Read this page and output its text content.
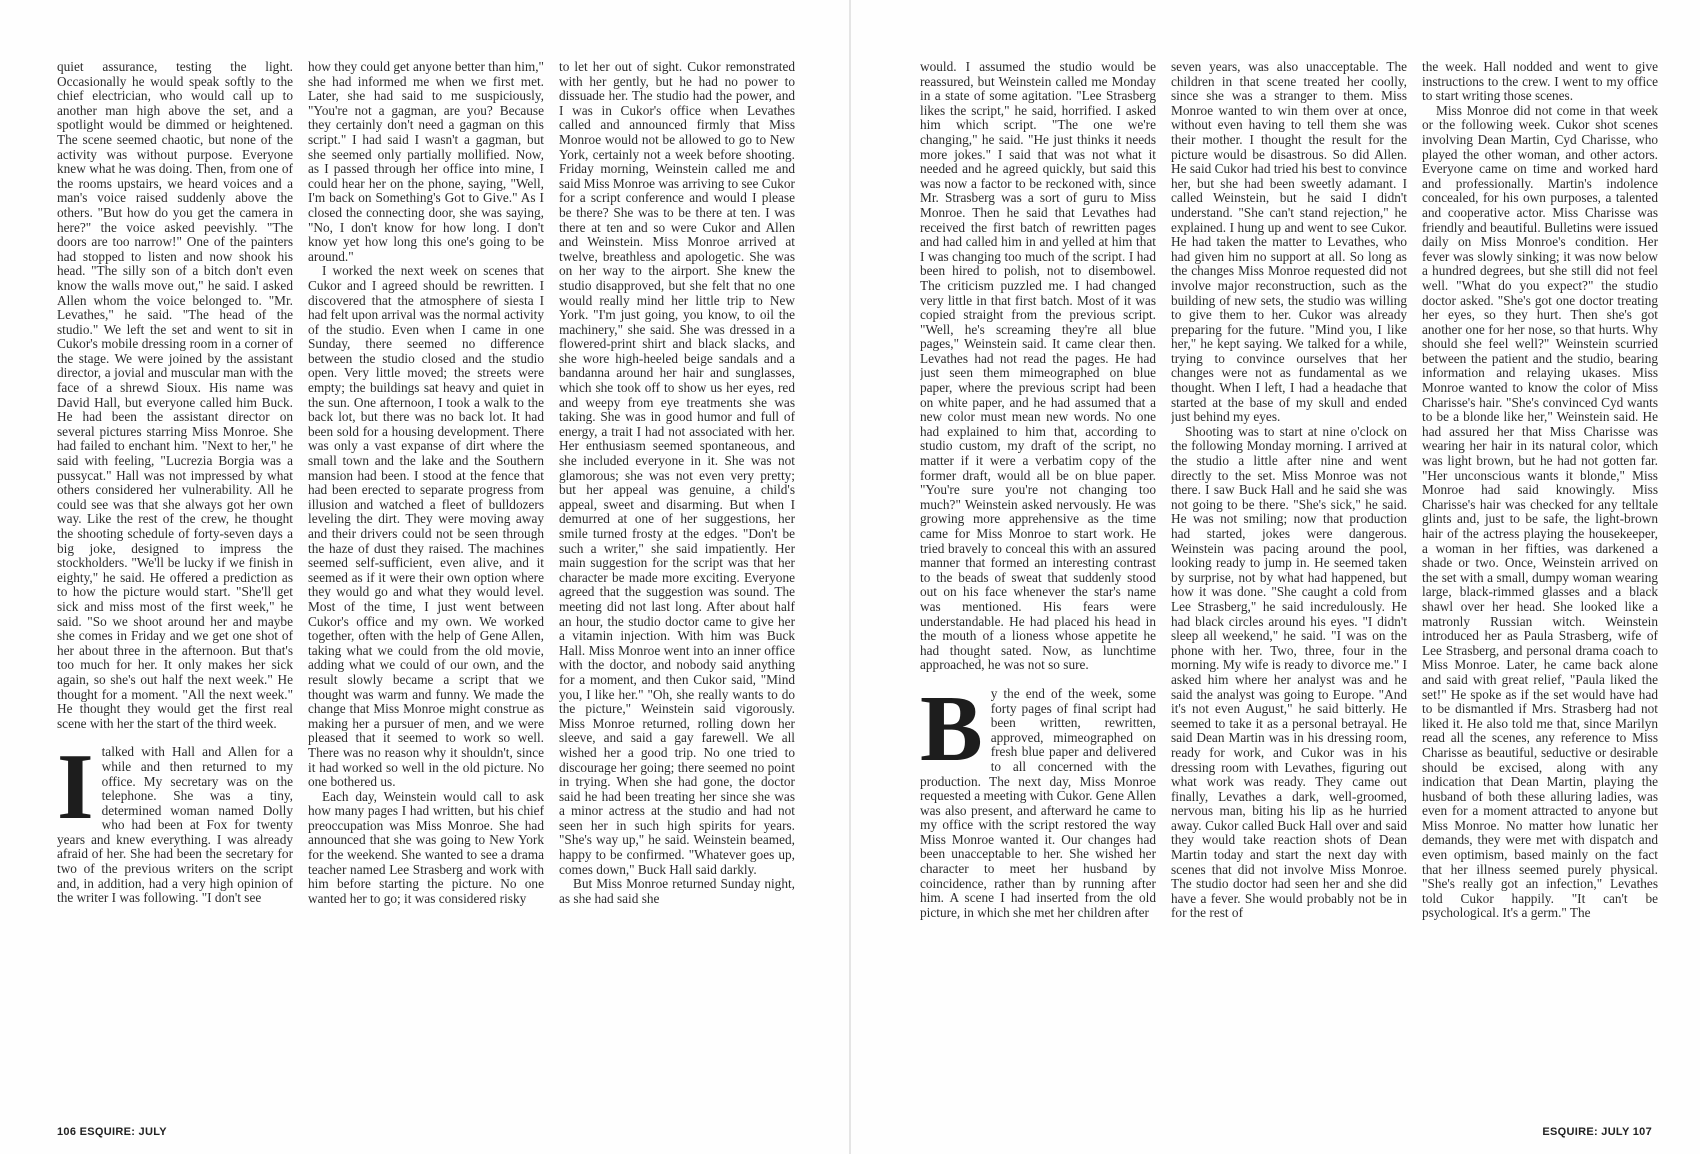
quiet assurance, testing the light. Occasionally he would speak softly to the chief electrician, who would call up to another man high above the set, and a spotlight would be dimmed or heightened. The scene seemed chaotic, but none of the activity was without purpose. Everyone knew what he was doing. Then, from one of the rooms upstairs, we heard voices and a man's voice raised suddenly above the others. "But how do you get the camera in here?" the voice asked peevishly. "The doors are too narrow!" One of the painters had stopped to listen and now shook his head. "The silly son of a bitch don't even know the walls move out," he said. I asked Allen whom the voice belonged to. "Mr. Levathes," he said. "The head of the studio." We left the set and went to sit in Cukor's mobile dressing room in a corner of the stage. We were joined by the assistant director, a jovial and muscular man with the face of a shrewd Sioux. His name was David Hall, but everyone called him Buck. He had been the assistant director on several pictures starring Miss Monroe. She had failed to enchant him. "Next to her," he said with feeling, "Lucrezia Borgia was a pussycat." Hall was not impressed by what others considered her vulnerability. All he could see was that she always got her own way. Like the rest of the crew, he thought the shooting schedule of forty-seven days a big joke, designed to impress the stockholders. "We'll be lucky if we finish in eighty," he said. He offered a prediction as to how the picture would start. "She'll get sick and miss most of the first week," he said. "So we shoot around her and maybe she comes in Friday and we get one shot of her about three in the afternoon. But that's too much for her. It only makes her sick again, so she's out half the next week." He thought for a moment. "All the next week." He thought they would get the first real scene with her the start of the third week.

Italked with Hall and Allen for a while and then returned to my office. My secretary was on the telephone. She was a tiny, determined woman named Dolly who had been at Fox for twenty years and knew everything. I was already afraid of her. She had been the secretary for two of the previous writers on the script and, in addition, had a very high opinion of the writer I was following. "I don't see

how they could get anyone better than him," she had informed me when we first met. Later, she had said to me suspiciously, "You're not a gagman, are you? Because they certainly don't need a gagman on this script." I had said I wasn't a gagman, but she seemed only partially mollified. Now, as I passed through her office into mine, I could hear her on the phone, saying, "Well, I'm back on Something's Got to Give." As I closed the connecting door, she was saying, "No, I don't know for how long. I don't know yet how long this one's going to be around."

I worked the next week on scenes that Cukor and I agreed should be rewritten. I discovered that the atmosphere of siesta I had felt upon arrival was the normal activity of the studio. Even when I came in one Sunday, there seemed no difference between the studio closed and the studio open. Very little moved; the streets were empty; the buildings sat heavy and quiet in the sun. One afternoon, I took a walk to the back lot, but there was no back lot. It had been sold for a housing development. There was only a vast expanse of dirt where the small town and the lake and the Southern mansion had been. I stood at the fence that had been erected to separate progress from illusion and watched a fleet of bulldozers leveling the dirt. They were moving away and their drivers could not be seen through the haze of dust they raised. The machines seemed self-sufficient, even alive, and it seemed as if it were their own option where they would go and what they would level. Most of the time, I just went between Cukor's office and my own. We worked together, often with the help of Gene Allen, taking what we could from the old movie, adding what we could of our own, and the result slowly became a script that we thought was warm and funny. We made the change that Miss Monroe might construe as making her a pursuer of men, and we were pleased that it seemed to work so well. There was no reason why it shouldn't, since it had worked so well in the old picture. No one bothered us.

Each day, Weinstein would call to ask how many pages I had written, but his chief preoccupation was Miss Monroe. She had announced that she was going to New York for the weekend. She wanted to see a drama teacher named Lee Strasberg and work with him before starting the picture. No one wanted her to go; it was considered risky

to let her out of sight. Cukor remonstrated with her gently, but he had no power to dissuade her. The studio had the power, and I was in Cukor's office when Levathes called and announced firmly that Miss Monroe would not be allowed to go to New York, certainly not a week before shooting. Friday morning, Weinstein called me and said Miss Monroe was arriving to see Cukor for a script conference and would I please be there? She was to be there at ten. I was there at ten and so were Cukor and Allen and Weinstein. Miss Monroe arrived at twelve, breathless and apologetic. She was on her way to the airport. She knew the studio disapproved, but she felt that no one would really mind her little trip to New York. "I'm just going, you know, to oil the machinery," she said. She was dressed in a flowered-print shirt and black slacks, and she wore high-heeled beige sandals and a bandanna around her hair and sunglasses, which she took off to show us her eyes, red and weepy from eye treatments she was taking. She was in good humor and full of energy, a trait I had not associated with her. Her enthusiasm seemed spontaneous, and she included everyone in it. She was not glamorous; she was not even very pretty; but her appeal was genuine, a child's appeal, sweet and disarming. But when I demurred at one of her suggestions, her smile turned frosty at the edges. "Don't be such a writer," she said impatiently. Her main suggestion for the script was that her character be made more exciting. Everyone agreed that the suggestion was sound. The meeting did not last long. After about half an hour, the studio doctor came to give her a vitamin injection. With him was Buck Hall. Miss Monroe went into an inner office with the doctor, and nobody said anything for a moment, and then Cukor said, "Mind you, I like her." "Oh, she really wants to do the picture," Weinstein said vigorously. Miss Monroe returned, rolling down her sleeve, and said a gay farewell. We all wished her a good trip. No one tried to discourage her going; there seemed no point in trying. When she had gone, the doctor said he had been treating her since she was a minor actress at the studio and had not seen her in such high spirits for years. "She's way up," he said. Weinstein beamed, happy to be confirmed. "Whatever goes up, comes down," Buck Hall said darkly.

But Miss Monroe returned Sunday night, as she had said she

would. I assumed the studio would be reassured, but Weinstein called me Monday in a state of some agitation. "Lee Strasberg likes the script," he said, horrified. I asked him which script. "The one we're changing," he said. "He just thinks it needs more jokes." I said that was not what it needed and he agreed quickly, but said this was now a factor to be reckoned with, since Mr. Strasberg was a sort of guru to Miss Monroe. Then he said that Levathes had received the first batch of rewritten pages and had called him in and yelled at him that I was changing too much of the script. I had been hired to polish, not to disembowel. The criticism puzzled me. I had changed very little in that first batch. Most of it was copied straight from the previous script. "Well, he's screaming they're all blue pages," Weinstein said. It came clear then. Levathes had not read the pages. He had just seen them mimeographed on blue paper, where the previous script had been on white paper, and he had assumed that a new color must mean new words. No one had explained to him that, according to studio custom, my draft of the script, no matter if it were a verbatim copy of the former draft, would all be on blue paper. "You're sure you're not changing too much?" Weinstein asked nervously. He was growing more apprehensive as the time came for Miss Monroe to start work. He tried bravely to conceal this with an assured manner that formed an interesting contrast to the beads of sweat that suddenly stood out on his face whenever the star's name was mentioned. His fears were understandable. He had placed his head in the mouth of a lioness whose appetite he had thought sated. Now, as lunchtime approached, he was not so sure.

By the end of the week, some forty pages of final script had been written, rewritten, approved, mimeographed on fresh blue paper and delivered to all concerned with the production. The next day, Miss Monroe requested a meeting with Cukor. Gene Allen was also present, and afterward he came to my office with the script restored the way Miss Monroe wanted it. Our changes had been unacceptable to her. She wished her character to meet her husband by coincidence, rather than by running after him. A scene I had inserted from the old picture, in which she met her children after

seven years, was also unacceptable. The children in that scene treated her coolly, since she was a stranger to them. Miss Monroe wanted to win them over at once, without even having to tell them she was their mother. I thought the result for the picture would be disastrous. So did Allen. He said Cukor had tried his best to convince her, but she had been sweetly adamant. I called Weinstein, but he said I didn't understand. "She can't stand rejection," he explained. I hung up and went to see Cukor. He had taken the matter to Levathes, who had given him no support at all. So long as the changes Miss Monroe requested did not involve major reconstruction, such as the building of new sets, the studio was willing to give them to her. Cukor was already preparing for the future. "Mind you, I like her," he kept saying. We talked for a while, trying to convince ourselves that her changes were not as fundamental as we thought. When I left, I had a headache that started at the base of my skull and ended just behind my eyes.

Shooting was to start at nine o'clock on the following Monday morning. I arrived at the studio a little after nine and went directly to the set. Miss Monroe was not there. I saw Buck Hall and he said she was not going to be there. "She's sick," he said. He was not smiling; now that production had started, jokes were dangerous. Weinstein was pacing around the pool, looking ready to jump in. He seemed taken by surprise, not by what had happened, but how it was done. "She caught a cold from Lee Strasberg," he said incredulously. He had black circles around his eyes. "I didn't sleep all weekend," he said. "I was on the phone with her. Two, three, four in the morning. My wife is ready to divorce me." I asked him where her analyst was and he said the analyst was going to Europe. "And it's not even August," he said bitterly. He seemed to take it as a personal betrayal. He said Dean Martin was in his dressing room, ready for work, and Cukor was in his dressing room with Levathes, figuring out what work was ready. They came out finally, Levathes a dark, well-groomed, nervous man, biting his lip as he hurried away. Cukor called Buck Hall over and said they would take reaction shots of Dean Martin today and start the next day with scenes that did not involve Miss Monroe. The studio doctor had seen her and she did have a fever. She would probably not be in for the rest of

the week. Hall nodded and went to give instructions to the crew. I went to my office to start writing those scenes.

Miss Monroe did not come in that week or the following week. Cukor shot scenes involving Dean Martin, Cyd Charisse, who played the other woman, and other actors. Everyone came on time and worked hard and professionally. Martin's indolence concealed, for his own purposes, a talented and cooperative actor. Miss Charisse was friendly and beautiful. Bulletins were issued daily on Miss Monroe's condition. Her fever was slowly sinking; it was now below a hundred degrees, but she still did not feel well. "What do you expect?" the studio doctor asked. "She's got one doctor treating her eyes, so they hurt. Then she's got another one for her nose, so that hurts. Why should she feel well?" Weinstein scurried between the patient and the studio, bearing information and relaying ukases. Miss Monroe wanted to know the color of Miss Charisse's hair. "She's convinced Cyd wants to be a blonde like her," Weinstein said. He had assured her that Miss Charisse was wearing her hair in its natural color, which was light brown, but he had not gotten far. "Her unconscious wants it blonde," Miss Monroe had said knowingly. Miss Charisse's hair was checked for any telltale glints and, just to be safe, the light-brown hair of the actress playing the housekeeper, a woman in her fifties, was darkened a shade or two. Once, Weinstein arrived on the set with a small, dumpy woman wearing large, black-rimmed glasses and a black shawl over her head. She looked like a matronly Russian witch. Weinstein introduced her as Paula Strasberg, wife of Lee Strasberg, and personal drama coach to Miss Monroe. Later, he came back alone and said with great relief, "Paula liked the set!" He spoke as if the set would have had to be dismantled if Mrs. Strasberg had not liked it. He also told me that, since Marilyn read all the scenes, any reference to Miss Charisse as beautiful, seductive or desirable should be excised, along with any indication that Dean Martin, playing the husband of both these alluring ladies, was even for a moment attracted to anyone but Miss Monroe. No matter how lunatic her demands, they were met with dispatch and even optimism, based mainly on the fact that her illness seemed purely physical. "She's really got an infection," Levathes told Cukor happily. "It can't be psychological. It's a germ." The

106 ESQUIRE: JULY	ESQUIRE: JULY 107
